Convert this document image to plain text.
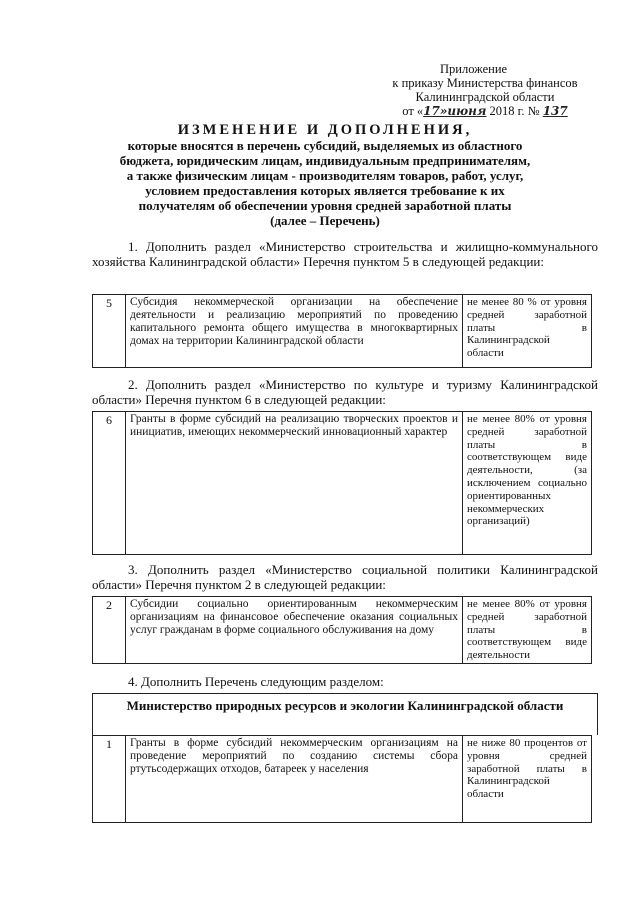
Приложение
к приказу Министерства финансов
Калининградской области
от «17»июня 2018 г. № 137
ИЗМЕНЕНИЕ И ДОПОЛНЕНИЯ,
которые вносятся в перечень субсидий, выделяемых из областного
бюджета, юридическим лицам, индивидуальным предпринимателям,
а также физическим лицам - производителям товаров, работ, услуг,
условием предоставления которых является требование к их
получателям об обеспечении уровня средней заработной платы
(далее – Перечень)
1. Дополнить раздел «Министерство строительства и жилищно-коммунального хозяйства Калининградской области» Перечня пунктом 5 в следующей редакции:
5	Субсидия некоммерческой организации на обеспечение деятельности и реализацию мероприятий по проведению капитального ремонта общего имущества в многоквартирных домах на территории Калининградской области	не менее 80 % от уровня средней заработной платы в Калининградской области
2. Дополнить раздел «Министерство по культуре и туризму Калининградской области» Перечня пунктом 6 в следующей редакции:
6	Гранты в форме субсидий на реализацию творческих проектов и инициатив, имеющих некоммерческий инновационный характер	не менее 80% от уровня средней заработной платы в соответствующем виде деятельности, (за исключением социально ориентированных некоммерческих организаций)
3. Дополнить раздел «Министерство социальной политики Калининградской области» Перечня пунктом 2 в следующей редакции:
2	Субсидии социально ориентированным некоммерческим организациям на финансовое обеспечение оказания социальных услуг гражданам в форме социального обслуживания на дому	не менее 80% от уровня средней заработной платы в соответствующем виде деятельности
4. Дополнить Перечень следующим разделом:
Министерство природных ресурсов и экологии Калининградской области
1	Гранты в форме субсидий некоммерческим организациям на проведение мероприятий по созданию системы сбора ртутьсодержащих отходов, батареек у населения	не ниже 80 процентов от уровня средней заработной платы в Калининградской области
